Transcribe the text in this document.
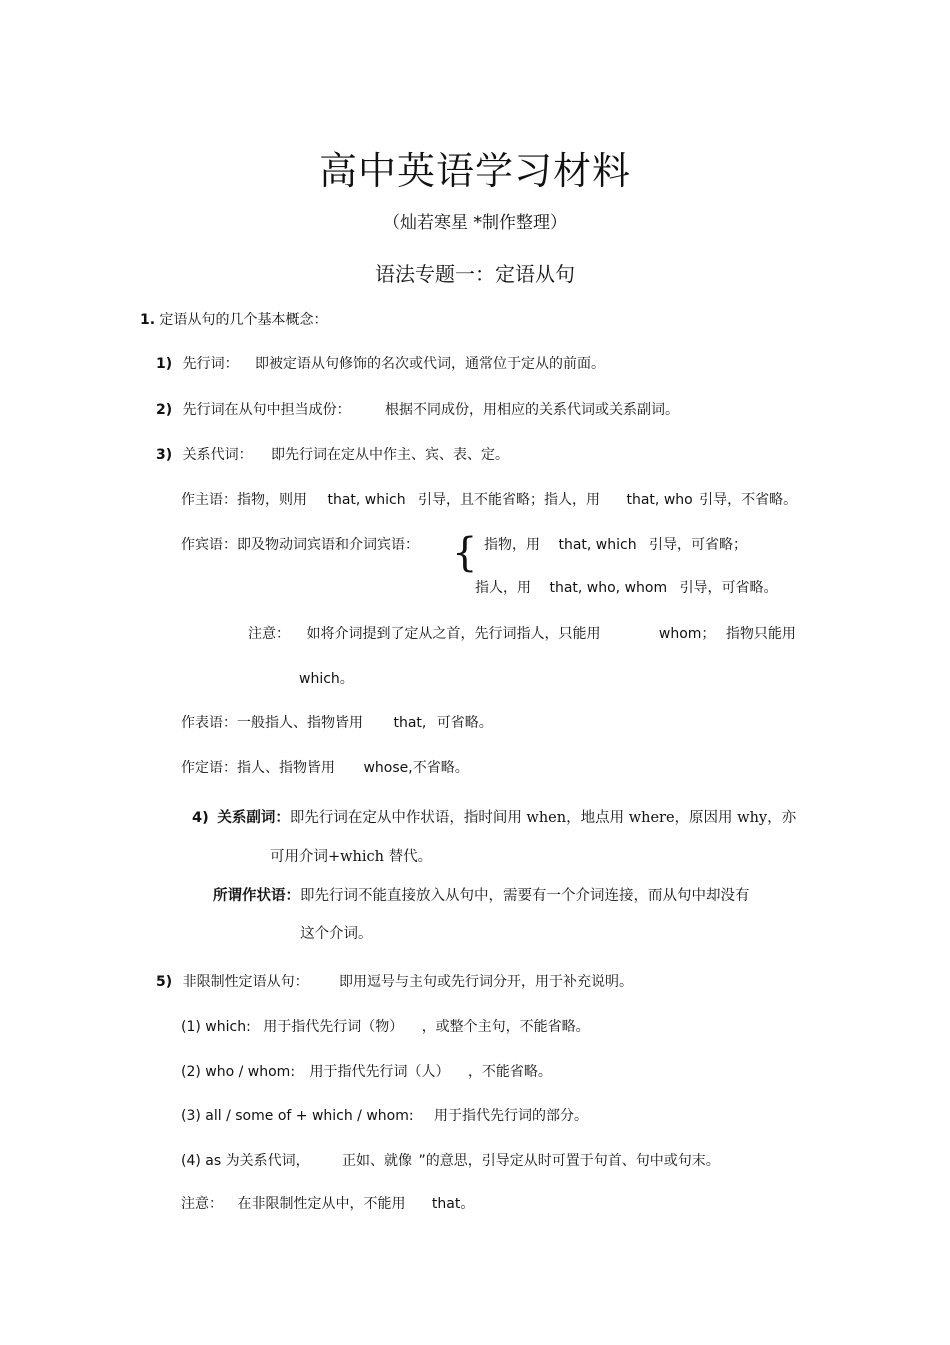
高中英语学习材料
（灿若寒星 *制作整理）
语法专题一：定语从句
1. 定语从句的几个基本概念：
1) 先行词： 即被定语从句修饰的名次或代词，通常位于定从的前面。
2) 先行词在从句中担当成份： 根据不同成份，用相应的关系代词或关系副词。
3) 关系代词： 即先行词在定从中作主、宾、表、定。
作主语：指物，则用 that, which 引导，且不能省略；指人，用 that, who 引导，不省略。
作宾语：即及物动词宾语和介词宾语： { 指物，用 that, which 引导，可省略；
指人，用 that, who, whom 引导，可省略。
注意： 如将介词提到了定从之首，先行词指人，只能用	whom； 指物只能用
which。
作表语：一般指人、指物皆用 that, 可省略。
作定语：指人、指物皆用 whose,不省略。
4) 关系副词：即先行词在定从中作状语，指时间用 when，地点用 where，原因用 why，亦
可用介词+which 替代。
所谓作状语：即先行词不能直接放入从句中，需要有一个介词连接，而从句中却没有
这个介词。
5) 非限制性定语从句： 即用逗号与主句或先行词分开，用于补充说明。
(1) which: 用于指代先行词（物） ，或整个主句，不能省略。
(2) who / whom: 用于指代先行词（人） ，不能省略。
(3) all / some of + which / whom: 用于指代先行词的部分。
(4) as 为关系代词， 正如、就像 ”的意思，引导定从时可置于句首、句中或句末。
注意： 在非限制性定从中，不能用 that。
